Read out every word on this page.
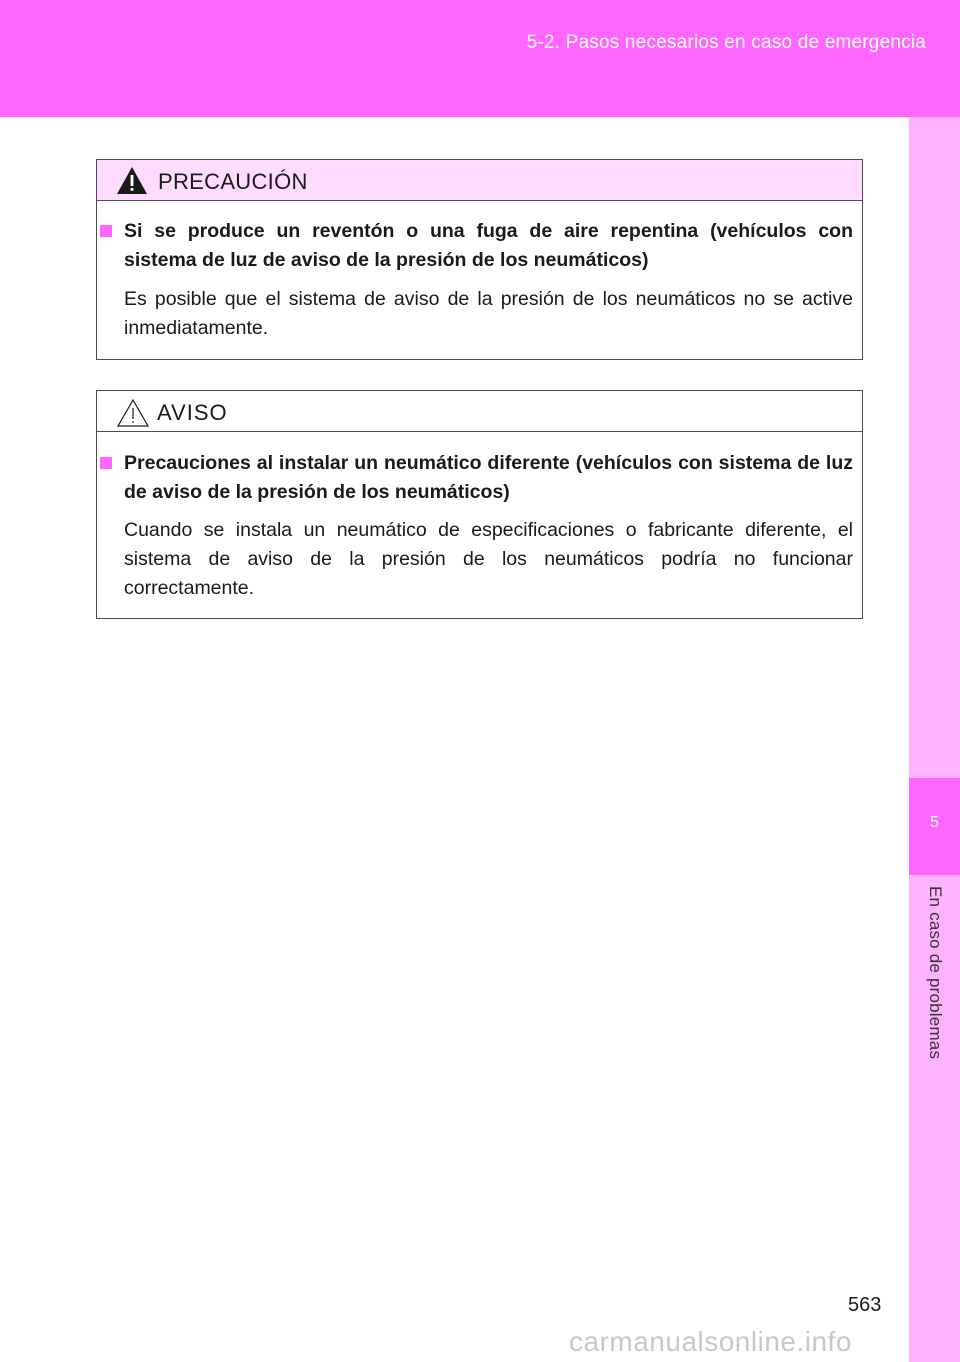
5-2. Pasos necesarios en caso de emergencia
5
En caso de problemas
PRECAUCIÓN
Si se produce un reventón o una fuga de aire repentina (vehículos con sistema de luz de aviso de la presión de los neumáticos)
Es posible que el sistema de aviso de la presión de los neumáticos no se active inmediatamente.
AVISO
Precauciones al instalar un neumático diferente (vehículos con sistema de luz de aviso de la presión de los neumáticos)
Cuando se instala un neumático de especificaciones o fabricante diferente, el sistema de aviso de la presión de los neumáticos podría no funcionar correctamente.
563
carmanualsonline.info
